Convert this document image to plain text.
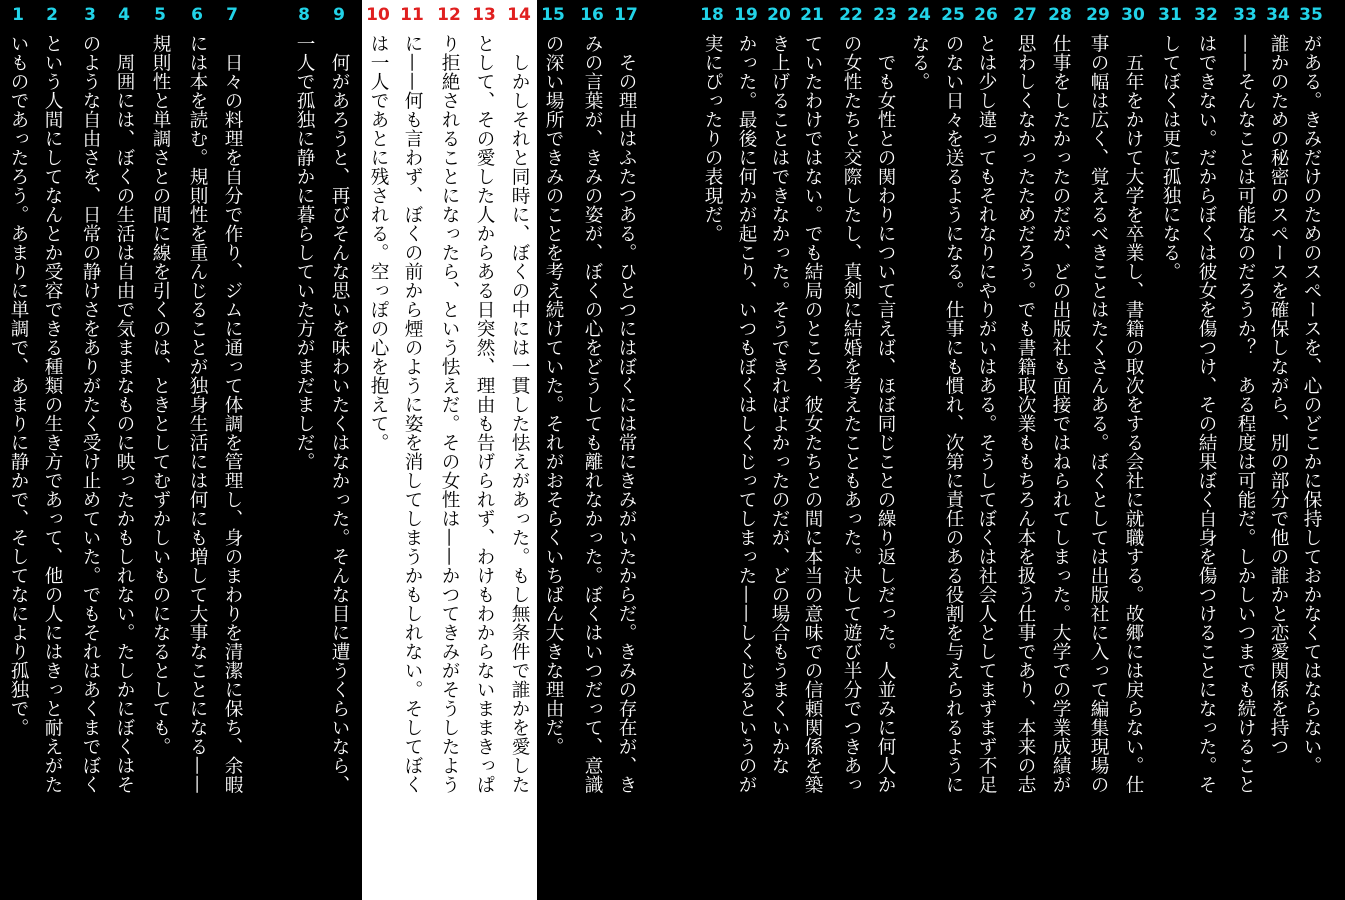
1
いものであったろう。あまりに単調で、あまりに静かで、そしてなにより孤独で。
2
という人間にしてなんとか受容できる種類の生き方であって、他の人にはきっと耐えがた
3
のような自由さを、日常の静けさをありがたく受け止めていた。でもそれはあくまでぼく
4
　周囲には、ぼくの生活は自由で気ままなものに映ったかもしれない。たしかにぼくはそ
5
規則性と単調さとの間に線を引くのは、ときとしてむずかしいものになるとしても。
6
には本を読む。規則性を重んじることが独身生活には何にも増して大事なことになる——
7
　日々の料理を自分で作り、ジムに通って体調を管理し、身のまわりを清潔に保ち、余暇
8
一人で孤独に静かに暮らしていた方がまだましだ。
9
　何があろうと、再びそんな思いを味わいたくはなかった。そんな目に遭うくらいなら、
10
は一人であとに残される。空っぽの心を抱えて。
11
に——何も言わず、ぼくの前から煙のように姿を消してしまうかもしれない。そしてぼく
12
り拒絶されることになったら、という怯えだ。その女性は——かつてきみがそうしたよう
13
として、その愛した人からある日突然、理由も告げられず、わけもわからないままきっぱ
14
　しかしそれと同時に、ぼくの中には一貫した怯えがあった。もし無条件で誰かを愛した
15
の深い場所できみのことを考え続けていた。それがおそらくいちばん大きな理由だ。
16
みの言葉が、きみの姿が、ぼくの心をどうしても離れなかった。ぼくはいつだって、意識
17
　その理由はふたつある。ひとつにはぼくには常にきみがいたからだ。きみの存在が、き
18
実にぴったりの表現だ。
19
かった。最後に何かが起こり、いつもぼくはしくじってしまった——しくじるというのが
20
き上げることはできなかった。そうできればよかったのだが、どの場合もうまくいかな
21
ていたわけではない。でも結局のところ、彼女たちとの間に本当の意味での信頼関係を築
22
の女性たちと交際したし、真剣に結婚を考えたこともあった。決して遊び半分でつきあっ
23
　でも女性との関わりについて言えば、ほぼ同じことの繰り返しだった。人並みに何人か
24
なる。
25
のない日々を送るようになる。仕事にも慣れ、次第に責任のある役割を与えられるように
26
とは少し違ってもそれなりにやりがいはある。そうしてぼくは社会人としてまずまず不足
27
思わしくなかったためだろう。でも書籍取次業ももちろん本を扱う仕事であり、本来の志
28
仕事をしたかったのだが、どの出版社も面接ではねられてしまった。大学での学業成績が
29
事の幅は広く、覚えるべきことはたくさんある。ぼくとしては出版社に入って編集現場の
30
　五年をかけて大学を卒業し、書籍の取次をする会社に就職する。故郷には戻らない。仕
31
してぼくは更に孤独になる。
32
はできない。だからぼくは彼女を傷つけ、その結果ぼく自身を傷つけることになった。そ
33
——そんなことは可能なのだろうか？　ある程度は可能だ。しかしいつまでも続けること
34
誰かのための秘密のスペースを確保しながら、別の部分で他の誰かと恋愛関係を持つ
35
がある。きみだけのためのスペースを、心のどこかに保持しておかなくてはならない。
